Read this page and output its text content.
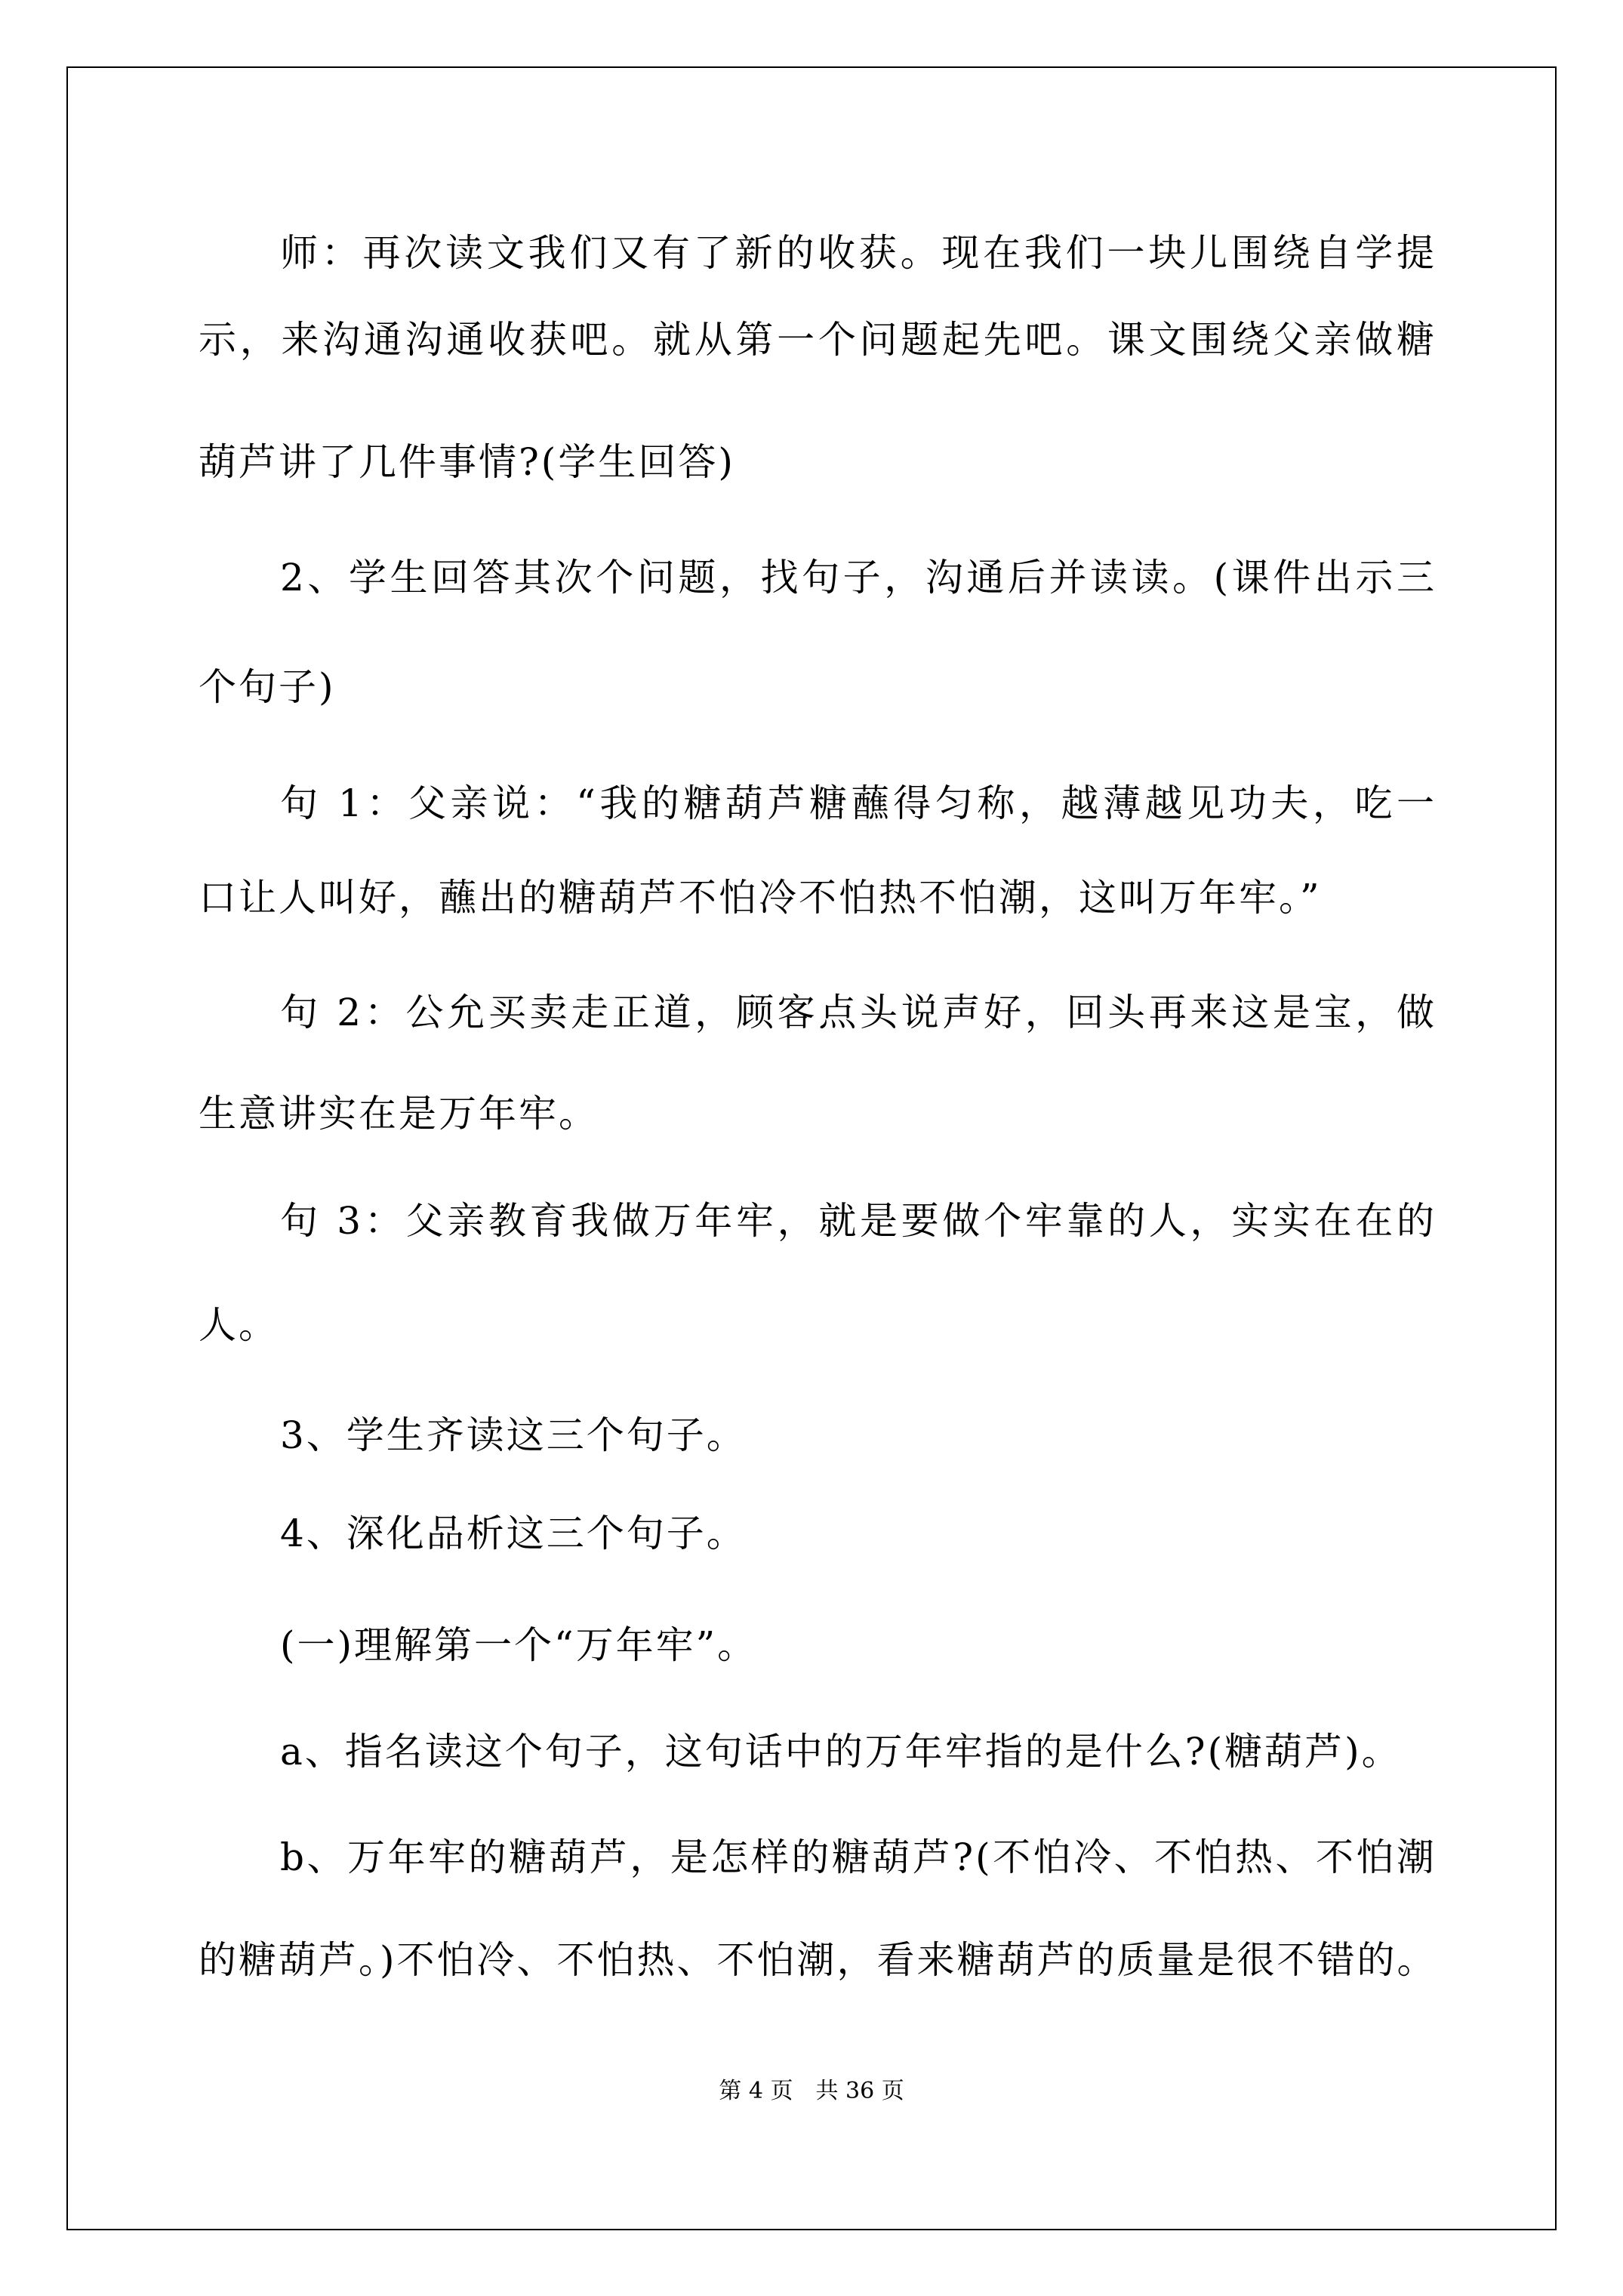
师：再次读文我们又有了新的收获。现在我们一块儿围绕自学提
示，来沟通沟通收获吧。就从第一个问题起先吧。课文围绕父亲做糖
葫芦讲了几件事情?(学生回答)
2、学生回答其次个问题，找句子，沟通后并读读。(课件出示三
个句子)
句 1：父亲说：“我的糖葫芦糖蘸得匀称，越薄越见功夫，吃一
口让人叫好，蘸出的糖葫芦不怕冷不怕热不怕潮，这叫万年牢。”
句 2：公允买卖走正道，顾客点头说声好，回头再来这是宝，做
生意讲实在是万年牢。
句 3：父亲教育我做万年牢，就是要做个牢靠的人，实实在在的
人。
3、学生齐读这三个句子。
4、深化品析这三个句子。
(一)理解第一个“万年牢”。
a、指名读这个句子，这句话中的万年牢指的是什么?(糖葫芦)。
b、万年牢的糖葫芦，是怎样的糖葫芦?(不怕冷、不怕热、不怕潮
的糖葫芦。)不怕冷、不怕热、不怕潮，看来糖葫芦的质量是很不错的。
第 4 页 共 36 页
